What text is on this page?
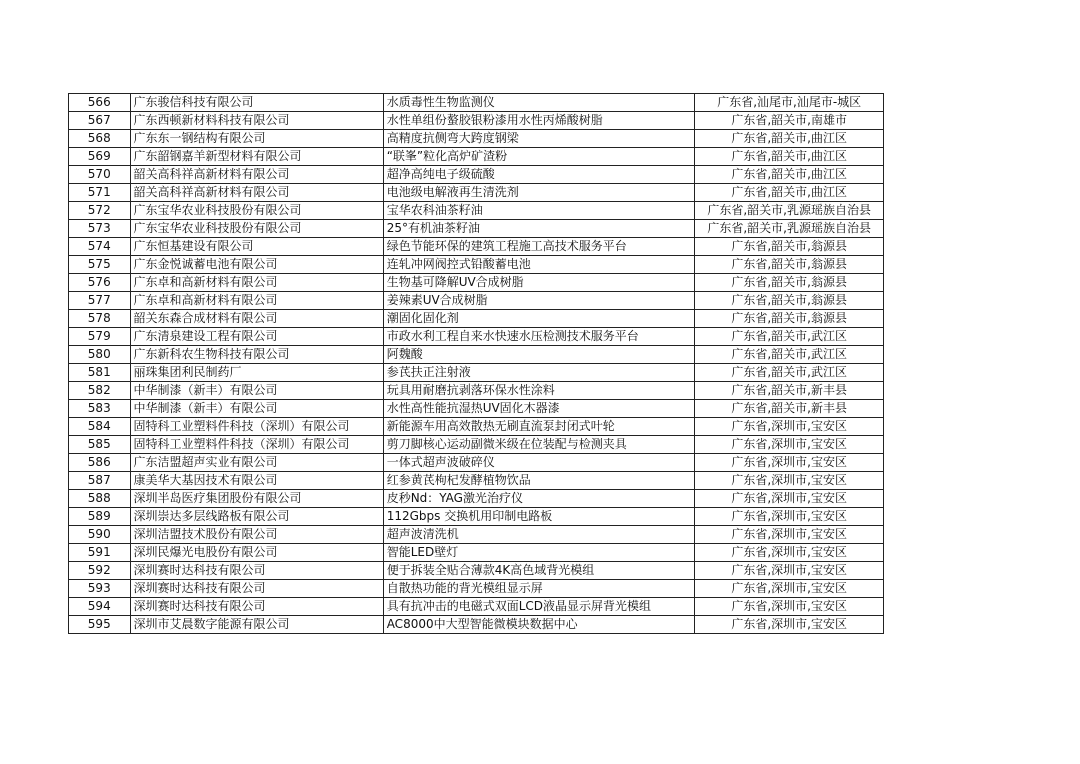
566	广东骏信科技有限公司	水质毒性生物监测仪	广东省,汕尾市,汕尾市-城区
567	广东西顿新材料科技有限公司	水性单组份螯胶银粉漆用水性丙烯酸树脂	广东省,韶关市,南雄市
568	广东东一钢结构有限公司	高精度抗侧弯大跨度钢梁	广东省,韶关市,曲江区
569	广东韶钢嘉羊新型材料有限公司	“联峯”粒化高炉矿渣粉	广东省,韶关市,曲江区
570	韶关高科祥高新材料有限公司	超净高纯电子级硫酸	广东省,韶关市,曲江区
571	韶关高科祥高新材料有限公司	电池级电解液再生清洗剂	广东省,韶关市,曲江区
572	广东宝华农业科技股份有限公司	宝华农科油茶籽油	广东省,韶关市,乳源瑶族自治县
573	广东宝华农业科技股份有限公司	25°有机油茶籽油	广东省,韶关市,乳源瑶族自治县
574	广东恒基建设有限公司	绿色节能环保的建筑工程施工高技术服务平台	广东省,韶关市,翁源县
575	广东金悦诚蓄电池有限公司	连轧冲网阀控式铅酸蓄电池	广东省,韶关市,翁源县
576	广东卓和高新材料有限公司	生物基可降解UV合成树脂	广东省,韶关市,翁源县
577	广东卓和高新材料有限公司	姜辣素UV合成树脂	广东省,韶关市,翁源县
578	韶关东森合成材料有限公司	潮固化固化剂	广东省,韶关市,翁源县
579	广东清泉建设工程有限公司	市政水利工程自来水快速水压检测技术服务平台	广东省,韶关市,武江区
580	广东新科农生物科技有限公司	阿魏酸	广东省,韶关市,武江区
581	丽珠集团利民制药厂	参芪扶正注射液	广东省,韶关市,武江区
582	中华制漆（新丰）有限公司	玩具用耐磨抗剥落环保水性涂料	广东省,韶关市,新丰县
583	中华制漆（新丰）有限公司	水性高性能抗湿热UV固化木器漆	广东省,韶关市,新丰县
584	固特科工业塑料件科技（深圳）有限公司	新能源车用高效散热无刷直流泵封闭式叶轮	广东省,深圳市,宝安区
585	固特科工业塑料件科技（深圳）有限公司	剪刀脚核心运动副微米级在位装配与检测夹具	广东省,深圳市,宝安区
586	广东洁盟超声实业有限公司	一体式超声波破碎仪	广东省,深圳市,宝安区
587	康美华大基因技术有限公司	红参黄芪枸杞发酵植物饮品	广东省,深圳市,宝安区
588	深圳半岛医疗集团股份有限公司	皮秒Nd：YAG激光治疗仪	广东省,深圳市,宝安区
589	深圳崇达多层线路板有限公司	112Gbps 交换机用印制电路板	广东省,深圳市,宝安区
590	深圳洁盟技术股份有限公司	超声波清洗机	广东省,深圳市,宝安区
591	深圳民爆光电股份有限公司	智能LED壁灯	广东省,深圳市,宝安区
592	深圳赛时达科技有限公司	便于拆装全贴合薄款4K高色域背光模组	广东省,深圳市,宝安区
593	深圳赛时达科技有限公司	自散热功能的背光模组显示屏	广东省,深圳市,宝安区
594	深圳赛时达科技有限公司	具有抗冲击的电磁式双面LCD液晶显示屏背光模组	广东省,深圳市,宝安区
595	深圳市艾晨数字能源有限公司	AC8000中大型智能微模块数据中心	广东省,深圳市,宝安区
